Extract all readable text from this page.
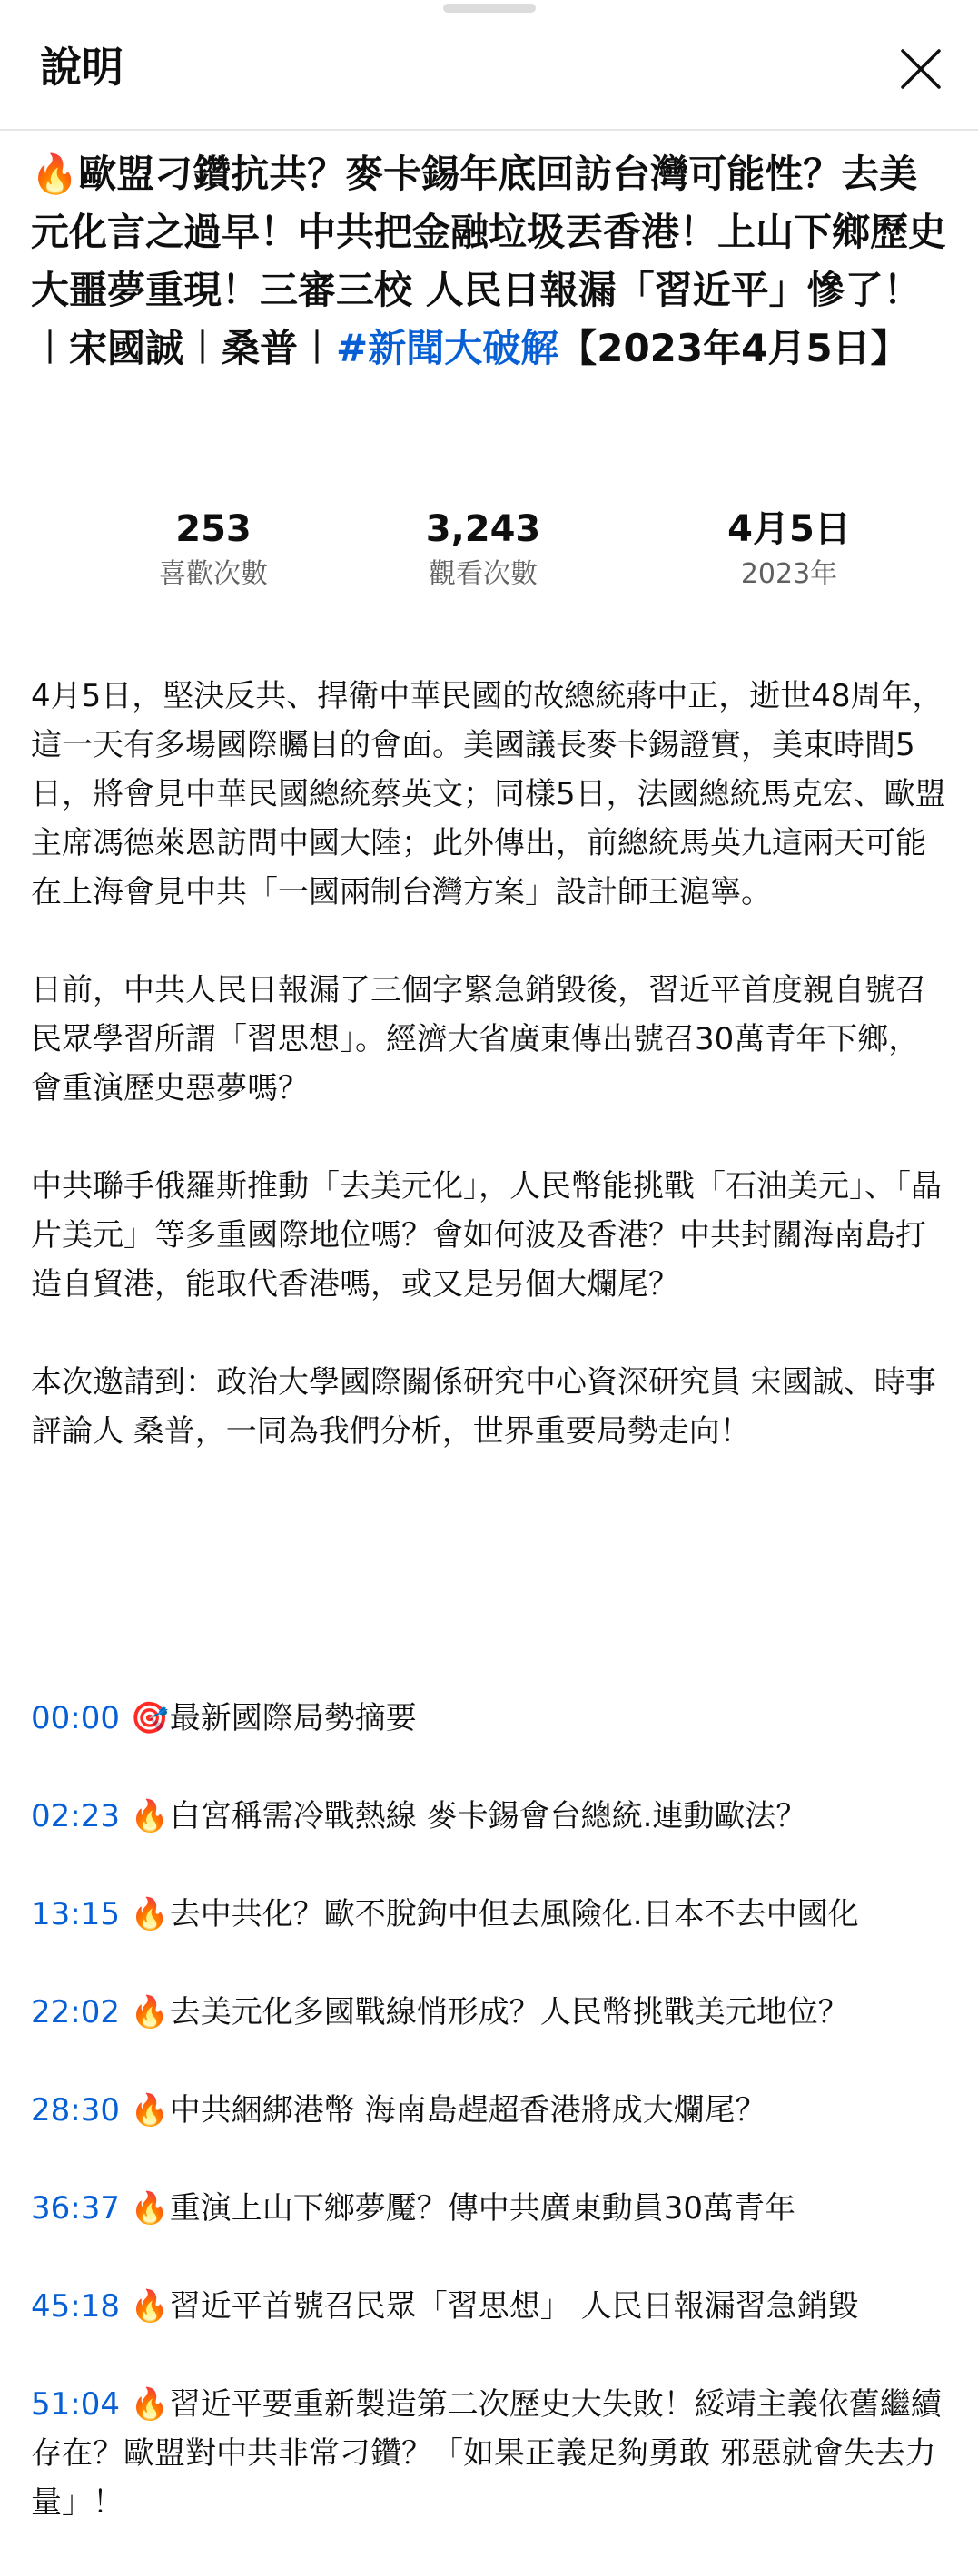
說明
🔥歐盟刁鑽抗共？麥卡錫年底回訪台灣可能性？去美元化言之過早！中共把金融垃圾丟香港！上山下鄉歷史大噩夢重現！三審三校 人民日報漏「習近平」慘了！︱宋國誠︱桑普︱#新聞大破解【2023年4月5日】
253
喜歡次數
3,243
觀看次數
4月5日
2023年

4月5日，堅決反共、捍衛中華民國的故總統蔣中正，逝世48周年，這一天有多場國際矚目的會面。美國議長麥卡錫證實，美東時間5日，將會見中華民國總統蔡英文；同樣5日，法國總統馬克宏、歐盟主席馮德萊恩訪問中國大陸；此外傳出，前總統馬英九這兩天可能在上海會見中共「一國兩制台灣方案」設計師王滬寧。

日前，中共人民日報漏了三個字緊急銷毀後，習近平首度親自號召民眾學習所謂「習思想」。經濟大省廣東傳出號召30萬青年下鄉，會重演歷史惡夢嗎？

中共聯手俄羅斯推動「去美元化」，人民幣能挑戰「石油美元」、「晶片美元」等多重國際地位嗎？會如何波及香港？中共封關海南島打造自貿港，能取代香港嗎，或又是另個大爛尾？

本次邀請到：政治大學國際關係研究中心資深研究員 宋國誠、時事評論人 桑普，一同為我們分析，世界重要局勢走向！

00:00 🎯最新國際局勢摘要
02:23 🔥白宮稱需冷戰熱線 麥卡錫會台總統.連動歐法？
13:15 🔥去中共化？歐不脫鉤中但去風險化.日本不去中國化
22:02 🔥去美元化多國戰線悄形成？人民幣挑戰美元地位？
28:30 🔥中共綑綁港幣 海南島趕超香港將成大爛尾？
36:37 🔥重演上山下鄉夢魘？傳中共廣東動員30萬青年
45:18 🔥習近平首號召民眾「習思想」 人民日報漏習急銷毀
51:04 🔥習近平要重新製造第二次歷史大失敗！綏靖主義依舊繼續存在？歐盟對中共非常刁鑽？「如果正義足夠勇敢 邪惡就會失去力量」！
